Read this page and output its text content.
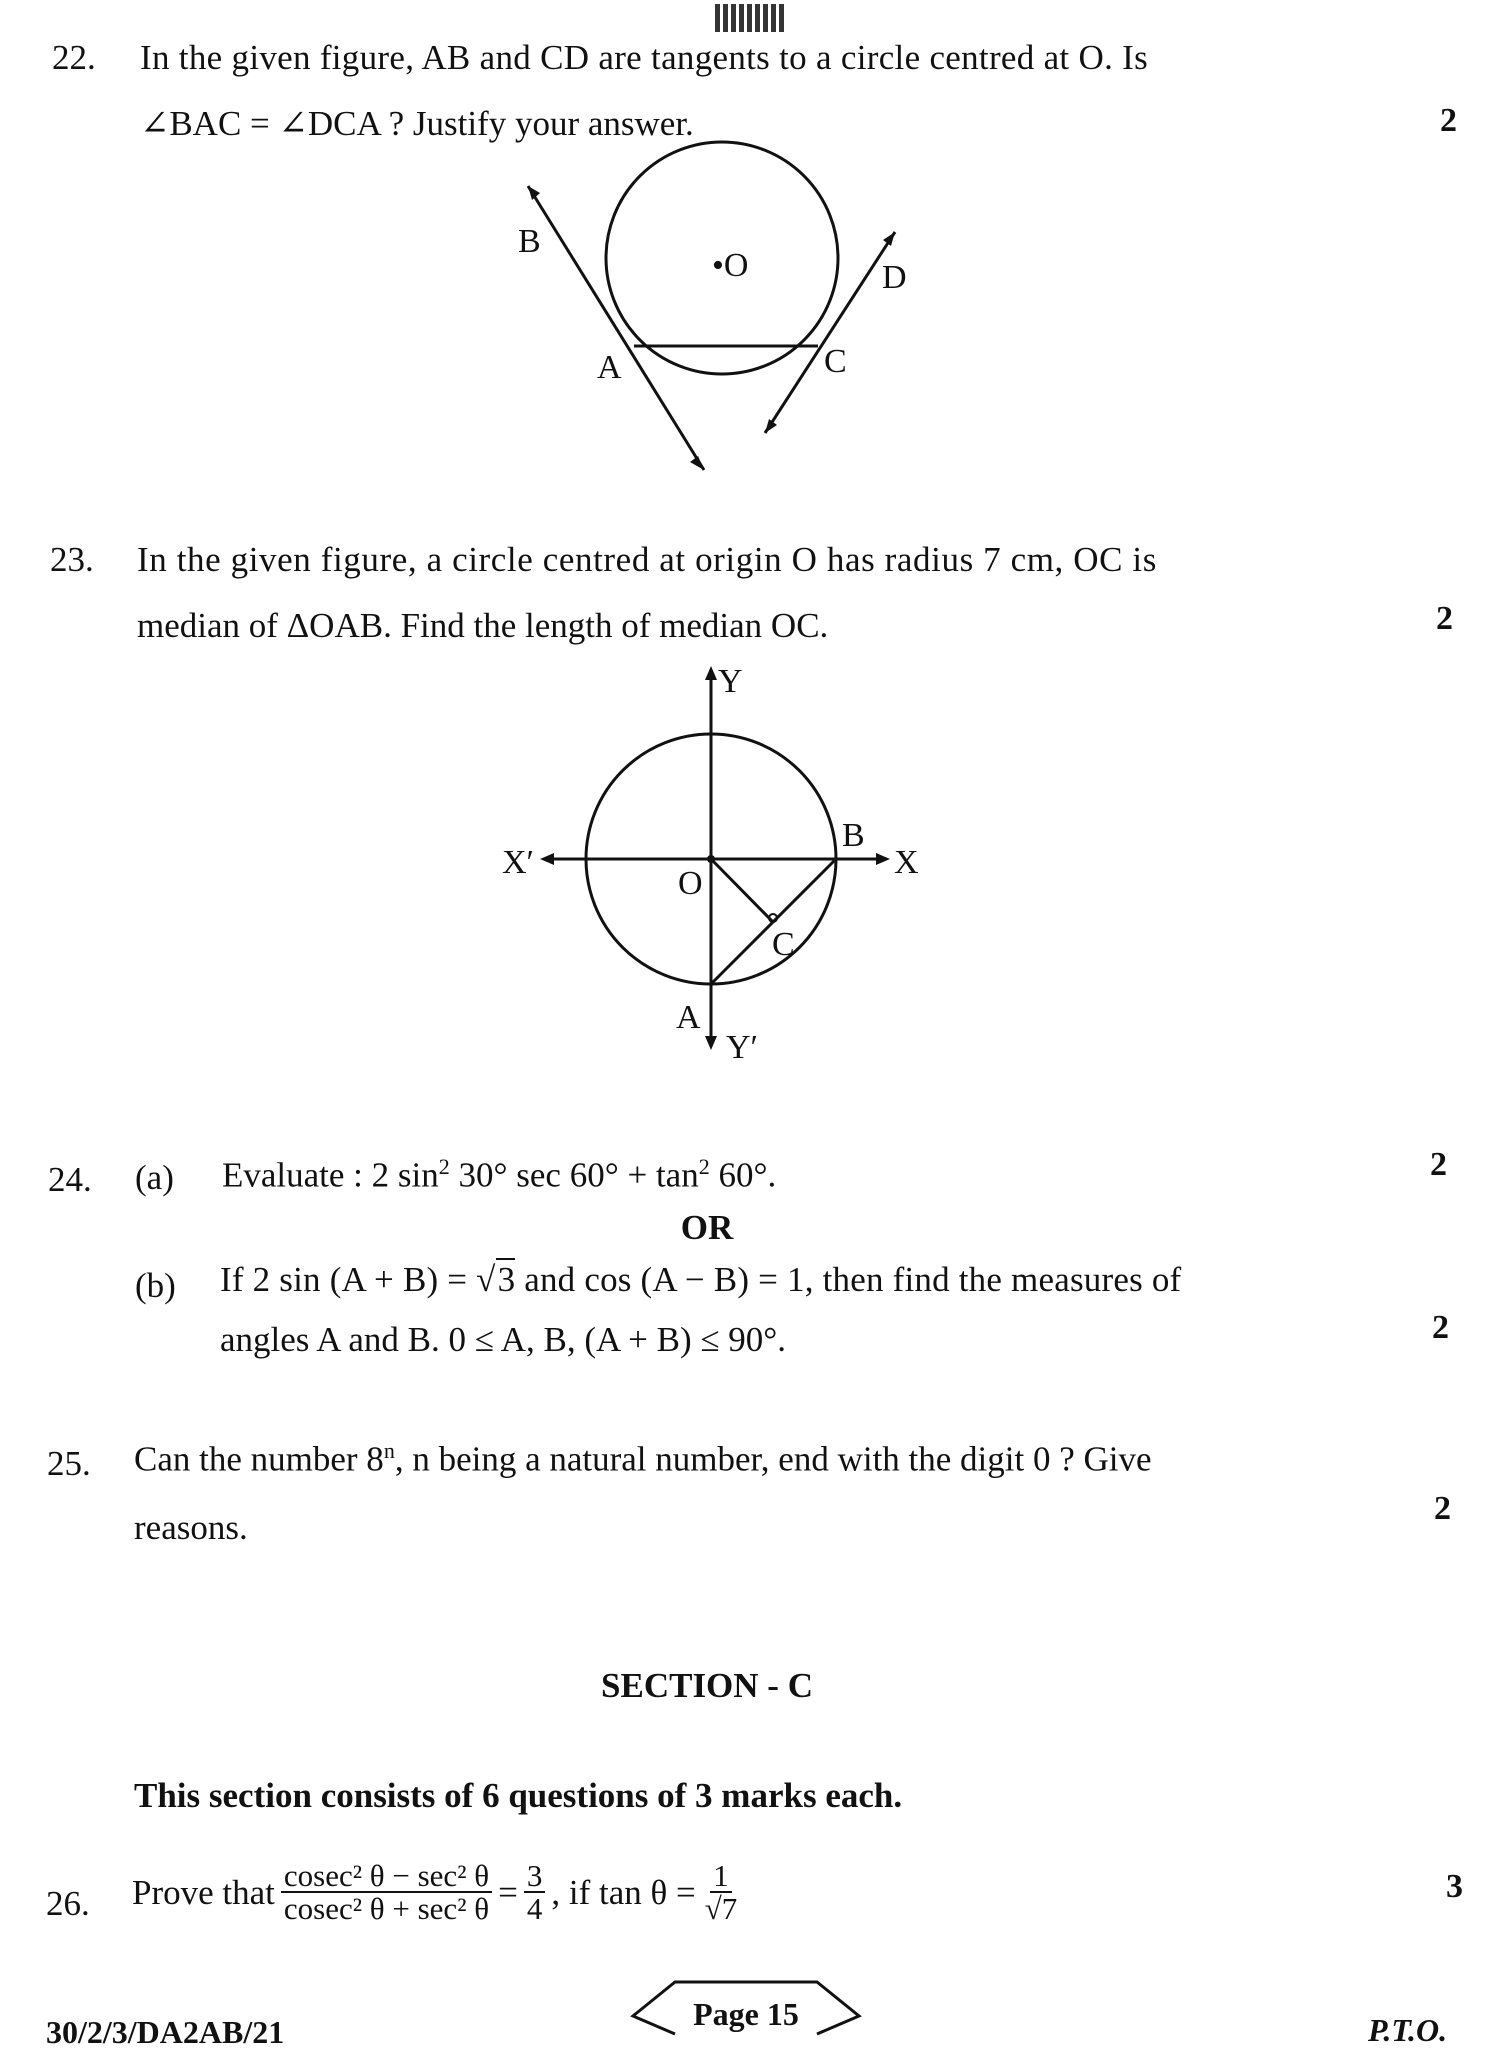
22. In the given figure, AB and CD are tangents to a circle centred at O. Is
∠BAC = ∠DCA ? Justify your answer.	2
B
•O	D
A	C
23. In the given figure, a circle centred at origin O has radius 7 cm, OC is
median of ΔOAB. Find the length of median OC.	2
Y
Y′
X
X′
O
B
A
C
24. (a) Evaluate : 2 $\sin^2 30^\circ$ $\sec 60^\circ + \tan^2 60^\circ$.	2
OR
(b) If 2 sin (A + B) = √3 and cos (A − B) = 1, then find the measures of
angles A and B. 0 ≤ A, B, (A + B) ≤ 90°.	2
25. Can the number 8$^n$, n being a natural number, end with the digit 0 ? Give
reasons.	2
SECTION - C
This section consists of 6 questions of 3 marks each.
26. Prove that $\frac{\text{cosec² θ − sec² θ}}{\text{cosec² θ + sec² θ}} = \frac{3}{4}$ , if $\tan \theta = \frac{1}{√7}$	3
30/2/3/DA2AB/21	Page 15	P.T.O.
